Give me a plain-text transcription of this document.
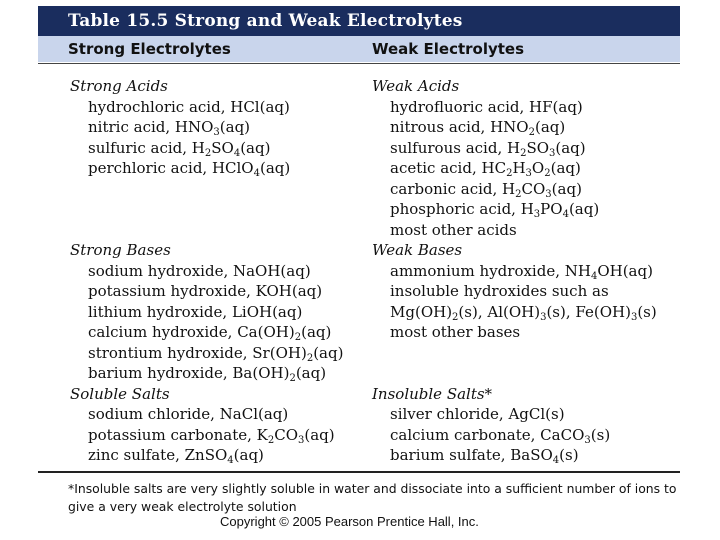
Table 15.5 Strong and Weak Electrolytes
Strong Electrolytes	Weak Electrolytes
Strong Acids
hydrochloric acid, HCl(aq)
nitric acid, $HNO_3(aq)$
sulfuric acid, $H_2SO_4(aq)$
perchloric acid, HClO$_4$(aq)

Strong Bases
sodium hydroxide, NaOH(aq)
potassium hydroxide, KOH(aq)
lithium hydroxide, LiOH(aq)
calcium hydroxide, $Ca(OH)_2(aq)$
strontium hydroxide, $Sr(OH)_2(aq)$
barium hydroxide, $Ba(OH)_2(aq)$
Soluble Salts
sodium chloride, NaCl(aq)
potassium carbonate, $K_2CO_3(aq)$
zinc sulfate, ZnSO$_4$(aq)
Weak Acids
hydrofluoric acid, HF(aq)
nitrous acid, $HNO_2(aq)$
sulfurous acid, $H_2SO_3(aq)$
acetic acid, $HC_2H_3O_2(aq)$
carbonic acid, $H_2CO_3(aq)$
phosphoric acid, $H_3PO_4(aq)$
most other acids
Weak Bases
ammonium hydroxide, $NH_4OH(aq)$
insoluble hydroxides such as
$Mg(OH)_2(s)$, $Al(OH)_3(s)$, $Fe(OH)_3(s)$
most other bases

Insoluble Salts*
silver chloride, AgCl(s)
calcium carbonate, CaCO$_3$(s)
barium sulfate, BaSO$_4$(s)
*Insoluble salts are very slightly soluble in water and dissociate into a sufficient number of ions to give a very weak electrolyte solution
Copyright © 2005 Pearson Prentice Hall, Inc.
